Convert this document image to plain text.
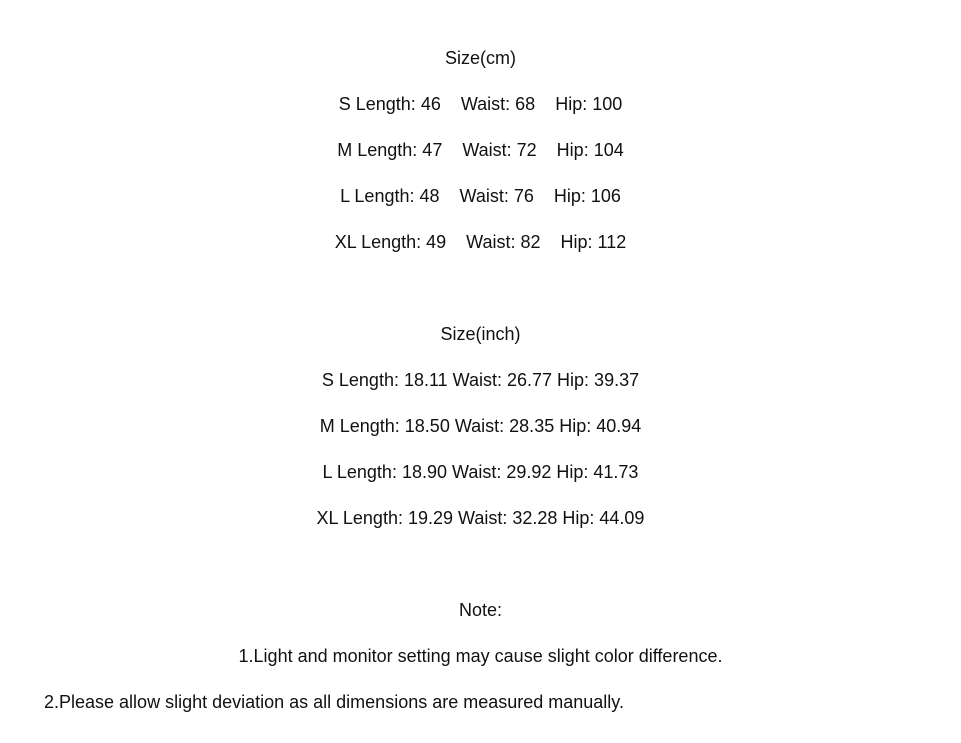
Size(cm)
S Length: 46    Waist: 68    Hip: 100
M Length: 47    Waist: 72    Hip: 104
L Length: 48    Waist: 76    Hip: 106
XL Length: 49    Waist: 82    Hip: 112
Size(inch)
S Length: 18.11 Waist: 26.77 Hip: 39.37
M Length: 18.50 Waist: 28.35 Hip: 40.94
L Length: 18.90 Waist: 29.92 Hip: 41.73
XL Length: 19.29 Waist: 32.28 Hip: 44.09
Note:
1.Light and monitor setting may cause slight color difference.
2.Please allow slight deviation as all dimensions are measured manually.
